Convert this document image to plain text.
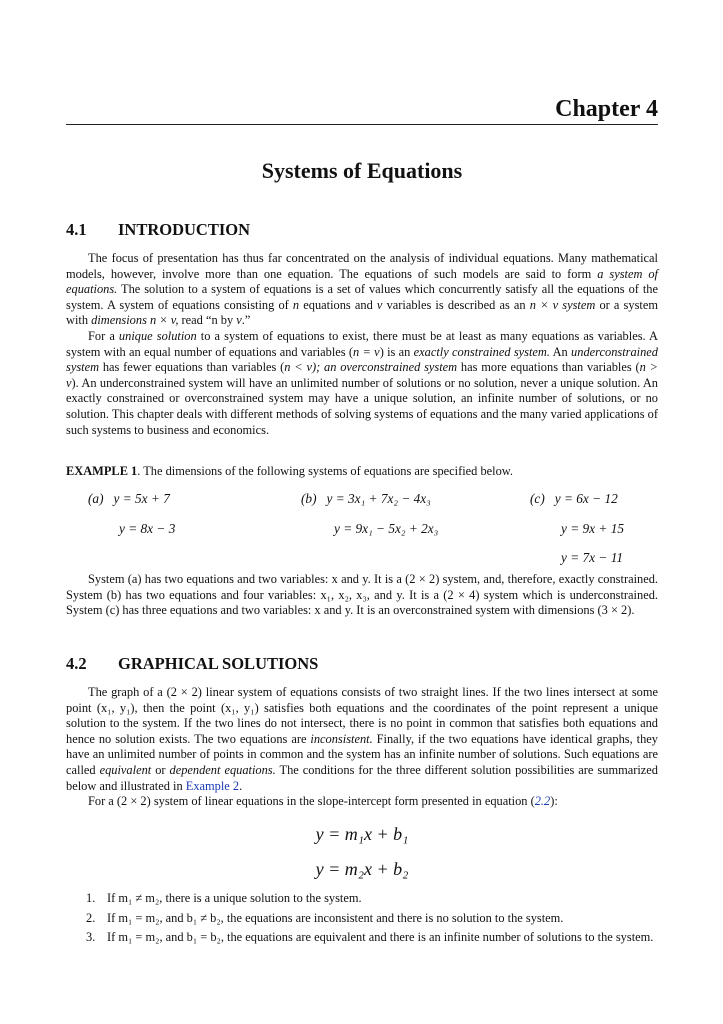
Chapter 4
Systems of Equations
4.1 INTRODUCTION

The focus of presentation has thus far concentrated on the analysis of individual equations. Many mathematical models, however, involve more than one equation. The equations of such models are said to form a system of equations. The solution to a system of equations is a set of values which concurrently satisfy all the equations of the system. A system of equations consisting of n equations and v variables is described as an n × v system or a system with dimensions n × v, read “n by v.”

For a unique solution to a system of equations to exist, there must be at least as many equations as variables. A system with an equal number of equations and variables (n = v) is an exactly constrained system. An underconstrained system has fewer equations than variables (n < v); an overconstrained system has more equations than variables (n > v). An underconstrained system will have an unlimited number of solutions or no solution, never a unique solution. An exactly constrained or overconstrained system may have a unique solution, an infinite number of solutions, or no solution. This chapter deals with different methods of solving systems of equations and the many varied applications of such systems to business and economics.

EXAMPLE 1. The dimensions of the following systems of equations are specified below.

(a) y = 5x + 7
y = 8x − 3
(b) y = 3x₁ + 7x₂ − 4x₃
y = 9x₁ − 5x₂ + 2x₃
(c) y = 6x − 12
y = 9x + 15
y = 7x − 11

System (a) has two equations and two variables: x and y. It is a (2 × 2) system, and, therefore, exactly constrained. System (b) has two equations and four variables: x₁, x₂, x₃, and y. It is a (2 × 4) system which is underconstrained. System (c) has three equations and two variables: x and y. It is an overconstrained system with dimensions (3 × 2).

4.2 GRAPHICAL SOLUTIONS

The graph of a (2 × 2) linear system of equations consists of two straight lines. If the two lines intersect at some point (x₁, y₁), then the point (x₁, y₁) satisfies both equations and the coordinates of the point represent a unique solution to the system. If the two lines do not intersect, there is no point in common that satisfies both equations and hence no solution exists. The two equations are inconsistent. Finally, if the two equations have identical graphs, they have an unlimited number of points in common and the system has an infinite number of solutions. Such equations are called equivalent or dependent equations. The conditions for the three different solution possibilities are summarized below and illustrated in Example 2.

For a (2 × 2) system of linear equations in the slope-intercept form presented in equation (2.2):

y = m₁x + b₁
y = m₂x + b₂
1. If m₁ ≠ m₂, there is a unique solution to the system.
2. If m₁ = m₂, and b₁ ≠ b₂, the equations are inconsistent and there is no solution to the system.
3. If m₁ = m₂, and b₁ = b₂, the equations are equivalent and there is an infinite number of solutions to the system.
